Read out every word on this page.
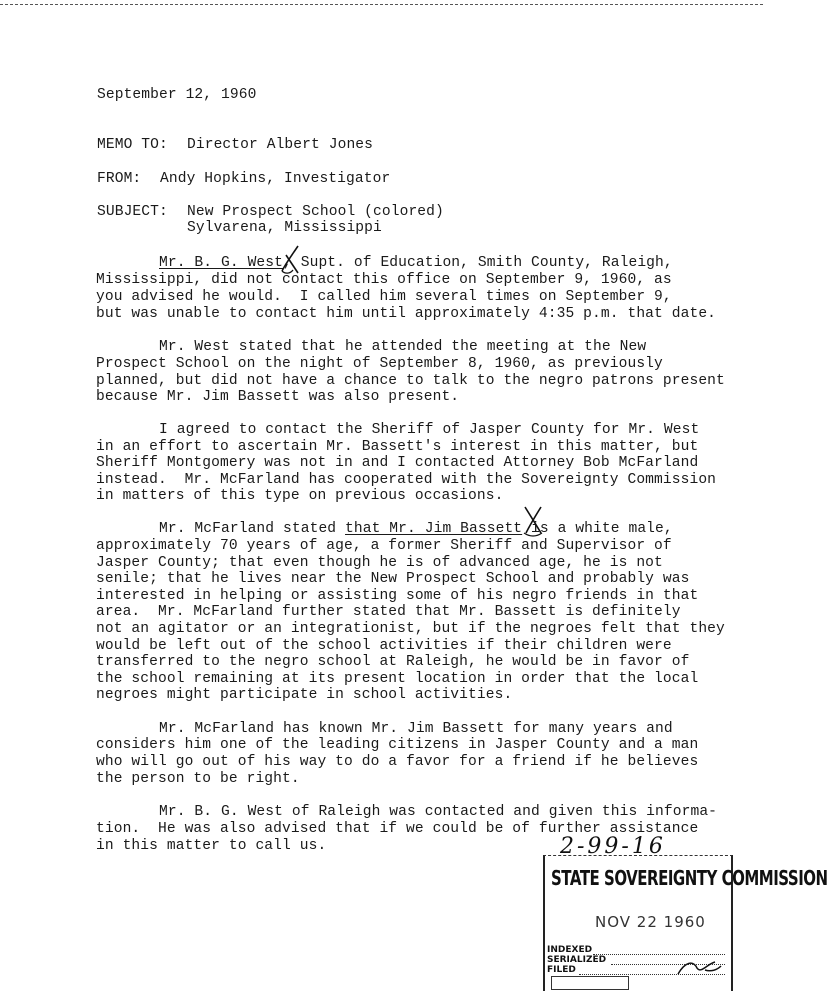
September 12, 1960
MEMO TO: Director Albert Jones
FROM: Andy Hopkins, Investigator
SUBJECT: New Prospect School (colored)
Sylvarena, Mississippi
Mr. B. G. West, Supt. of Education, Smith County, Raleigh,
Mississippi, did not contact this office on September 9, 1960, as
you advised he would.  I called him several times on September 9,
but was unable to contact him until approximately 4:35 p.m. that date.
Mr. West stated that he attended the meeting at the New
Prospect School on the night of September 8, 1960, as previously
planned, but did not have a chance to talk to the negro patrons present
because Mr. Jim Bassett was also present.
I agreed to contact the Sheriff of Jasper County for Mr. West
in an effort to ascertain Mr. Bassett's interest in this matter, but
Sheriff Montgomery was not in and I contacted Attorney Bob McFarland
instead.  Mr. McFarland has cooperated with the Sovereignty Commission
in matters of this type on previous occasions.
Mr. McFarland stated that Mr. Jim Bassett is a white male,
approximately 70 years of age, a former Sheriff and Supervisor of
Jasper County; that even though he is of advanced age, he is not
senile; that he lives near the New Prospect School and probably was
interested in helping or assisting some of his negro friends in that
area.  Mr. McFarland further stated that Mr. Bassett is definitely
not an agitator or an integrationist, but if the negroes felt that they
would be left out of the school activities if their children were
transferred to the negro school at Raleigh, he would be in favor of
the school remaining at its present location in order that the local
negroes might participate in school activities.
Mr. McFarland has known Mr. Jim Bassett for many years and
considers him one of the leading citizens in Jasper County and a man
who will go out of his way to do a favor for a friend if he believes
the person to be right.
Mr. B. G. West of Raleigh was contacted and given this informa-
tion.  He was also advised that if we could be of further assistance
in this matter to call us.	2-99-16
STATE SOVEREIGNTY COMMISSION
NOV 22 1960
INDEXED
SERIALIZED
FILED
